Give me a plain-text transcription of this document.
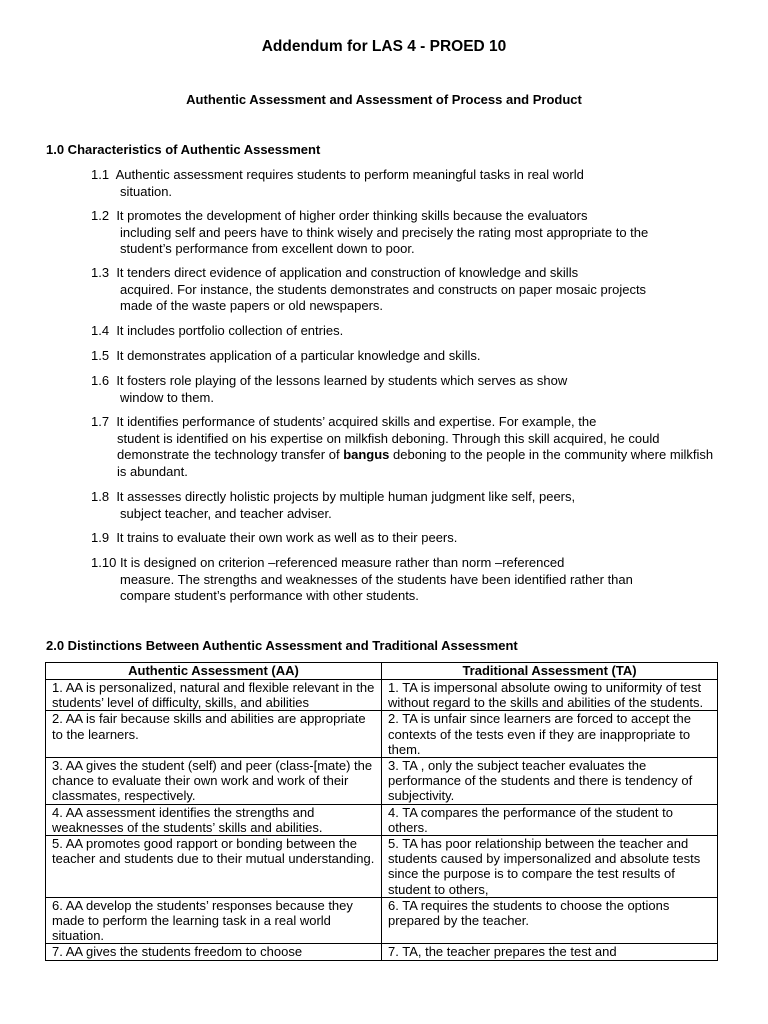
Addendum for LAS 4 - PROED 10
Authentic Assessment and Assessment of Process and Product
1.0 Characteristics of Authentic Assessment
1.1 Authentic assessment requires students to perform meaningful tasks in real world
situation.
1.2 It promotes the development of higher order thinking skills because the evaluators
including self and peers have to think wisely and precisely the rating most appropriate to the student’s performance from excellent down to poor.
1.3 It tenders direct evidence of application and construction of knowledge and skills
acquired. For instance, the students demonstrates and constructs on paper mosaic projects made of the waste papers or old newspapers.
1.4 It includes portfolio collection of entries.
1.5 It demonstrates application of a particular knowledge and skills.
1.6 It fosters role playing of the lessons learned by students which serves as show
window to them.
1.7 It identifies performance of students’ acquired skills and expertise. For example, the
student is identified on his expertise on milkfish deboning. Through this skill acquired, he could demonstrate the technology transfer of bangus deboning to the people in the community where milkfish is abundant.
1.8 It assesses directly holistic projects by multiple human judgment like self, peers,
subject teacher, and teacher adviser.
1.9 It trains to evaluate their own work as well as to their peers.
1.10 It is designed on criterion –referenced measure rather than norm –referenced
measure. The strengths and weaknesses of the students have been identified rather than compare student’s performance with other students.
2.0 Distinctions Between Authentic Assessment and Traditional Assessment
Authentic Assessment (AA)	Traditional Assessment (TA)
1. AA is personalized, natural and flexible relevant in the students’ level of difficulty, skills, and abilities	1. TA is impersonal absolute owing to uniformity of test without regard to the skills and abilities of the students.
2. AA is fair because skills and abilities are appropriate to the learners.	2. TA is unfair since learners are forced to accept the contexts of the tests even if they are inappropriate to them.
3. AA gives the student (self) and peer (class-[mate) the chance to evaluate their own work and work of their classmates, respectively.	3. TA , only the subject teacher evaluates the performance of the students and there is tendency of subjectivity.
4. AA assessment identifies the strengths and weaknesses of the students’ skills and abilities.	4. TA compares the performance of the student to others.
5. AA promotes good rapport or bonding between the teacher and students due to their mutual understanding.	5. TA has poor relationship between the teacher and students caused by impersonalized and absolute tests since the purpose is to compare the test results of student to others,
6. AA develop the students’ responses because they made to perform the learning task in a real world situation.	6. TA requires the students to choose the options prepared by the teacher.
7. AA gives the students freedom to choose	7. TA, the teacher prepares the test and
